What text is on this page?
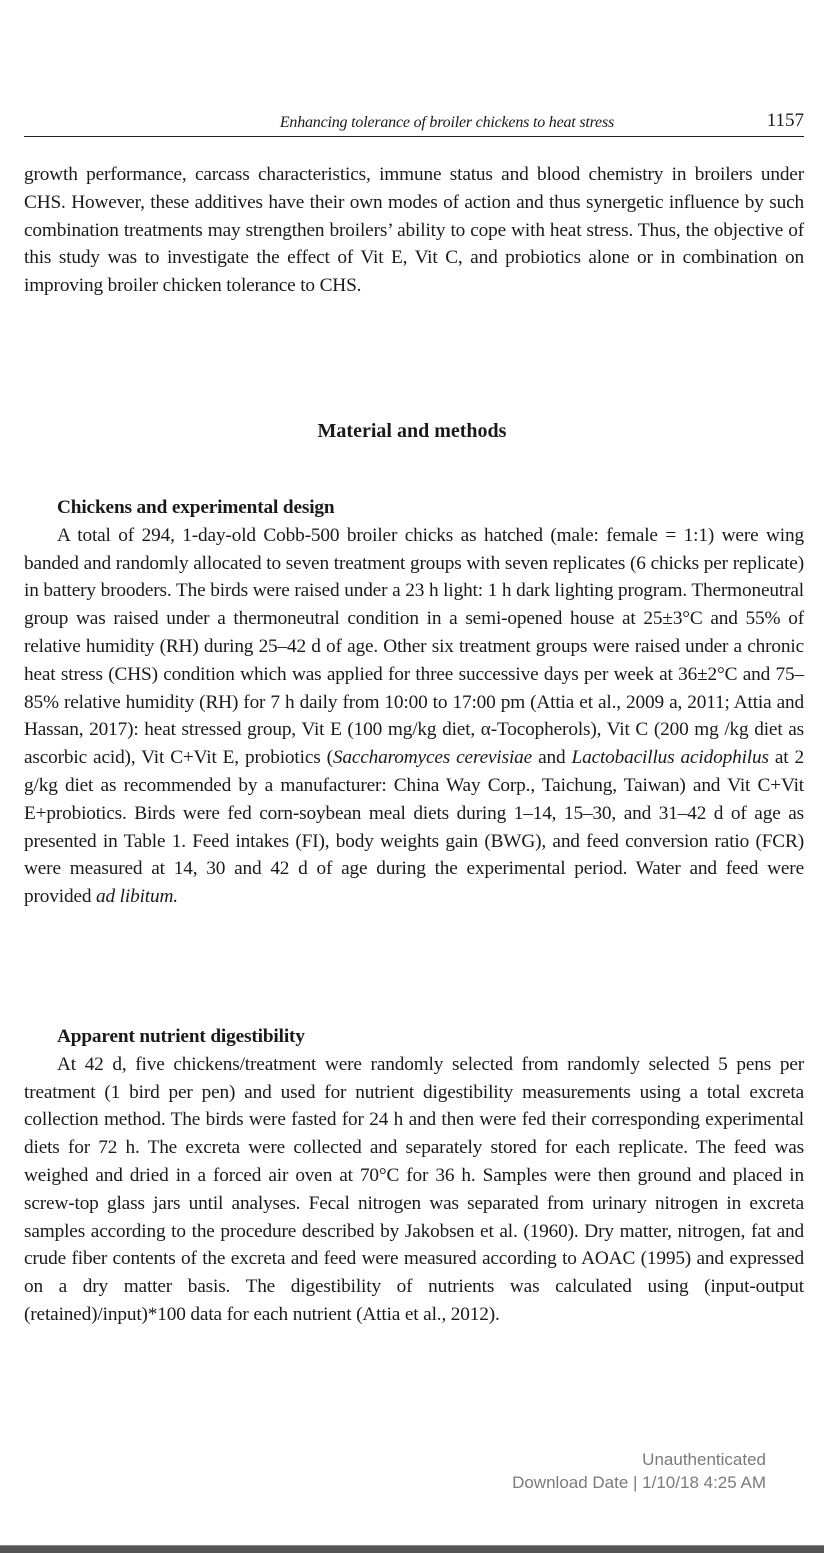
Enhancing tolerance of broiler chickens to heat stress	1157
growth performance, carcass characteristics, immune status and blood chemistry in broilers under CHS. However, these additives have their own modes of action and thus synergetic influence by such combination treatments may strengthen broilers’ ability to cope with heat stress. Thus, the objective of this study was to investigate the effect of Vit E, Vit C, and probiotics alone or in combination on improving broiler chicken tolerance to CHS.
Material and methods
Chickens and experimental design
A total of 294, 1-day-old Cobb-500 broiler chicks as hatched (male: female = 1:1) were wing banded and randomly allocated to seven treatment groups with seven replicates (6 chicks per replicate) in battery brooders. The birds were raised under a 23 h light: 1 h dark lighting program. Thermoneutral group was raised under a thermoneutral condition in a semi-opened house at 25±3°C and 55% of relative humidity (RH) during 25–42 d of age. Other six treatment groups were raised under a chronic heat stress (CHS) condition which was applied for three successive days per week at 36±2°C and 75–85% relative humidity (RH) for 7 h daily from 10:00 to 17:00 pm (Attia et al., 2009 a, 2011; Attia and Hassan, 2017): heat stressed group, Vit E (100 mg/kg diet, α-Tocopherols), Vit C (200 mg /kg diet as ascorbic acid), Vit C+Vit E, probiotics (Saccharomyces cerevisiae and Lactobacillus acidophilus at 2 g/kg diet as recommended by a manufacturer: China Way Corp., Taichung, Taiwan) and Vit C+Vit E+probiotics. Birds were fed corn-soybean meal diets during 1–14, 15–30, and 31–42 d of age as presented in Table 1. Feed intakes (FI), body weights gain (BWG), and feed conversion ratio (FCR) were measured at 14, 30 and 42 d of age during the experimental period. Water and feed were provided ad libitum.
Apparent nutrient digestibility
At 42 d, five chickens/treatment were randomly selected from randomly selected 5 pens per treatment (1 bird per pen) and used for nutrient digestibility measurements using a total excreta collection method. The birds were fasted for 24 h and then were fed their corresponding experimental diets for 72 h. The excreta were collected and separately stored for each replicate. The feed was weighed and dried in a forced air oven at 70°C for 36 h. Samples were then ground and placed in screw-top glass jars until analyses. Fecal nitrogen was separated from urinary nitrogen in excreta samples according to the procedure described by Jakobsen et al. (1960). Dry matter, nitrogen, fat and crude fiber contents of the excreta and feed were measured according to AOAC (1995) and expressed on a dry matter basis. The digestibility of nutrients was calculated using (input-output (retained)/input)*100 data for each nutrient (Attia et al., 2012).
Unauthenticated
Download Date | 1/10/18 4:25 AM
